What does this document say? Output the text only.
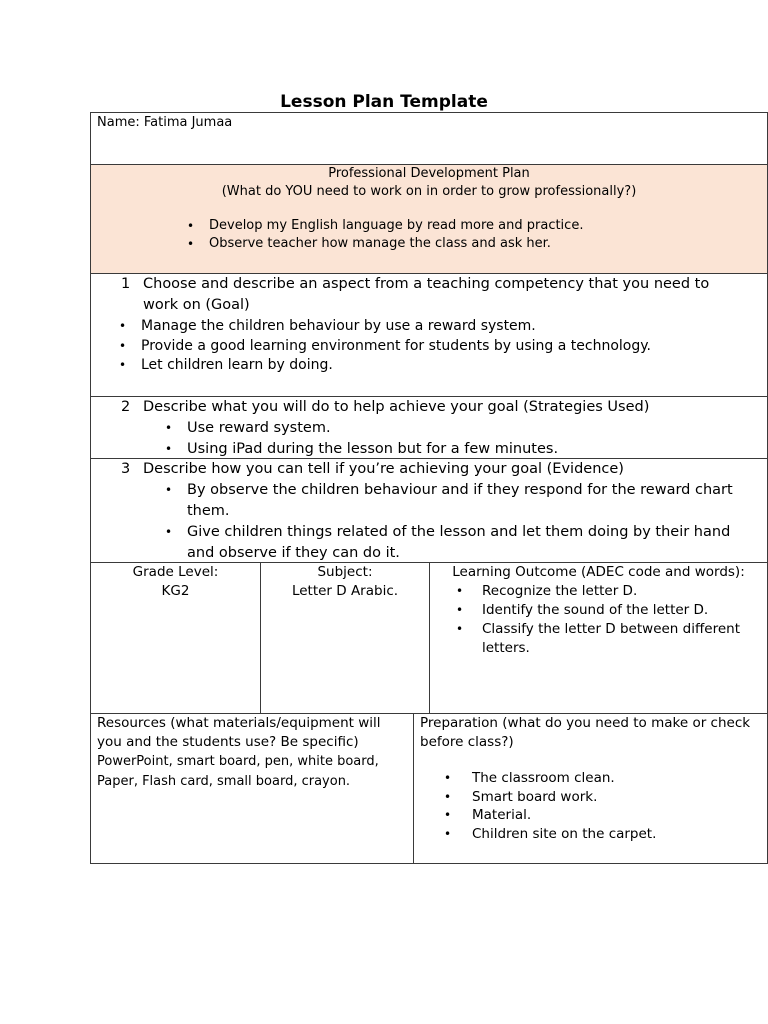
Lesson Plan Template
Name: Fatima Jumaa
Professional Development Plan
(What do YOU need to work on in order to grow professionally?)
• Develop my English language by read more and practice.
• Observe teacher how manage the class and ask her.
1 Choose and describe an aspect from a teaching competency that you need to work on (Goal)
• Manage the children behaviour by use a reward system.
• Provide a good learning environment for students by using a technology.
• Let children learn by doing.
2 Describe what you will do to help achieve your goal (Strategies Used)
• Use reward system.
• Using iPad during the lesson but for a few minutes.
3 Describe how you can tell if you’re achieving your goal (Evidence)
• By observe the children behaviour and if they respond for the reward chart them.
• Give children things related of the lesson and let them doing by their hand and observe if they can do it.
Grade Level:
KG2
Subject:
Letter D Arabic.
Learning Outcome (ADEC code and words):
• Recognize the letter D.
• Identify the sound of the letter D.
• Classify the letter D between different letters.
Resources (what materials/equipment will you and the students use? Be specific)
PowerPoint, smart board, pen, white board, Paper, Flash card, small board, crayon.
Preparation (what do you need to make or check before class?)
• The classroom clean.
• Smart board work.
• Material.
• Children site on the carpet.
